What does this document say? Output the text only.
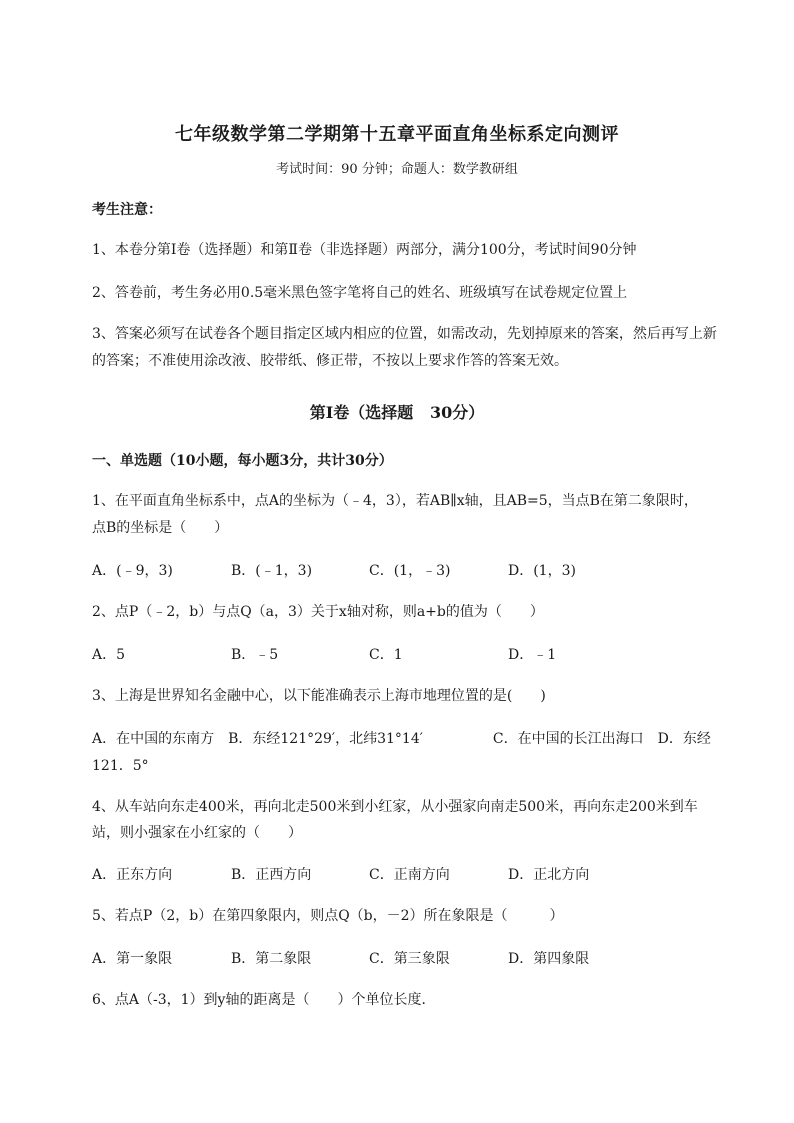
七年级数学第二学期第十五章平面直角坐标系定向测评
考试时间：90 分钟；命题人：数学教研组
考生注意：
1、本卷分第Ⅰ卷（选择题）和第Ⅱ卷（非选择题）两部分，满分100分，考试时间90分钟
2、答卷前，考生务必用0.5毫米黑色签字笔将自己的姓名、班级填写在试卷规定位置上
3、答案必须写在试卷各个题目指定区域内相应的位置，如需改动，先划掉原来的答案，然后再写上新
的答案；不准使用涂改液、胶带纸、修正带，不按以上要求作答的答案无效。
第Ⅰ卷（选择题   30分）
一、单选题（10小题，每小题3分，共计30分）
1、在平面直角坐标系中，点A的坐标为（﹣4，3），若AB∥x轴，且AB=5，当点B在第二象限时，
点B的坐标是（　　）
A．(﹣9，3)	B．(﹣1，3)	C．(1，﹣3)	D．(1，3)
2、点P（﹣2，b）与点Q（a，3）关于x轴对称，则a+b的值为（　　）
A．5	B．﹣5	C．1	D．﹣1
3、上海是世界知名金融中心，以下能准确表示上海市地理位置的是(　　)
A．在中国的东南方　B．东经121°29′，北纬31°14′　　　　　C．在中国的长江出海口　D．东经
121．5°
4、从车站向东走400米，再向北走500米到小红家，从小强家向南走500米，再向东走200米到车
站，则小强家在小红家的（　　）
A．正东方向	B．正西方向	C．正南方向	D．正北方向
5、若点P（2，b）在第四象限内，则点Q（b，－2）所在象限是（　　　）
A．第一象限	B．第二象限	C．第三象限	D．第四象限
6、点A（-3，1）到y轴的距离是（　　）个单位长度．
